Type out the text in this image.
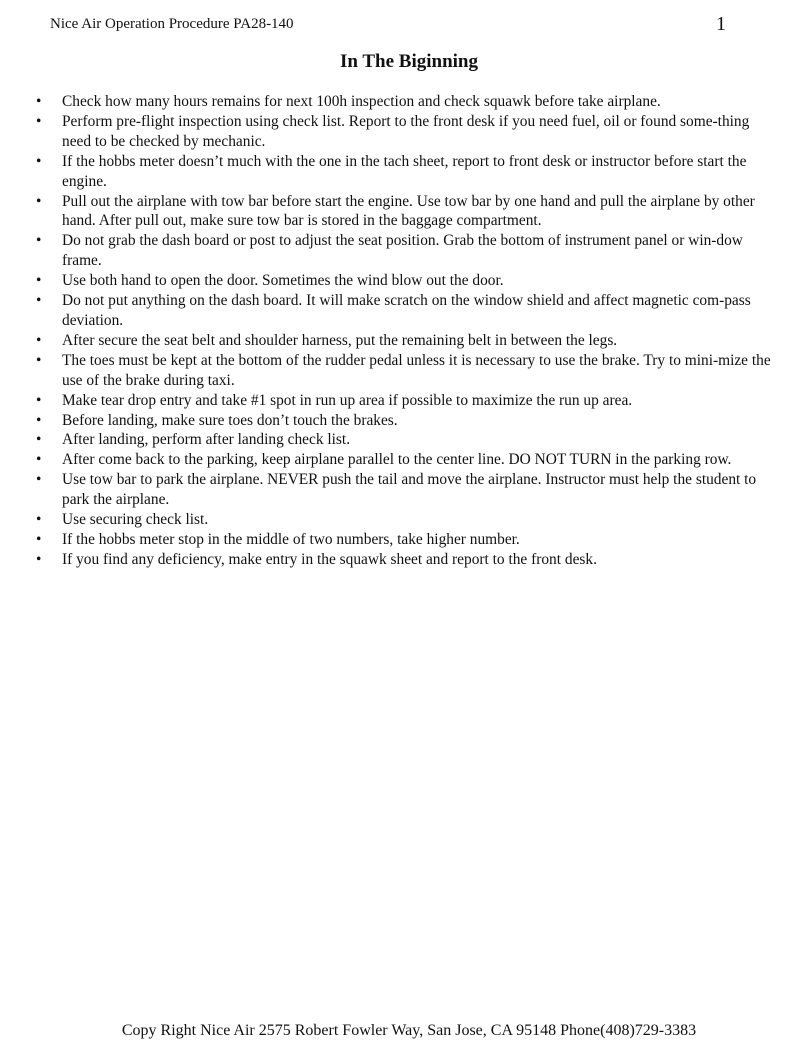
Nice Air Operation Procedure PA28-140	1
In The Biginning
• Check how many hours remains for next 100h inspection and check squawk before take airplane.
• Perform pre-flight inspection using check list. Report to the front desk if you need fuel, oil or found some-thing need to be checked by mechanic.
• If the hobbs meter doesn’t much with the one in the tach sheet, report to front desk or instructor before start the engine.
• Pull out the airplane with tow bar before start the engine. Use tow bar by one hand and pull the airplane by other hand. After pull out, make sure tow bar is stored in the baggage compartment.
• Do not grab the dash board or post to adjust the seat position. Grab the bottom of instrument panel or win-dow frame.
• Use both hand to open the door. Sometimes the wind blow out the door.
• Do not put anything on the dash board. It will make scratch on the window shield and affect magnetic com-pass deviation.
• After secure the seat belt and shoulder harness, put the remaining belt in between the legs.
• The toes must be kept at the bottom of the rudder pedal unless it is necessary to use the brake. Try to mini-mize the use of the brake during taxi.
• Make tear drop entry and take #1 spot in run up area if possible to maximize the run up area.
• Before landing, make sure toes don’t touch the brakes.
• After landing, perform after landing check list.
• After come back to the parking, keep airplane parallel to the center line. DO NOT TURN in the parking row.
• Use tow bar to park the airplane. NEVER push the tail and move the airplane. Instructor must help the student to park the airplane.
• Use securing check list.
• If the hobbs meter stop in the middle of two numbers, take higher number.
• If you find any deficiency, make entry in the squawk sheet and report to the front desk.
Copy Right Nice Air 2575 Robert Fowler Way, San Jose, CA 95148 Phone(408)729-3383
